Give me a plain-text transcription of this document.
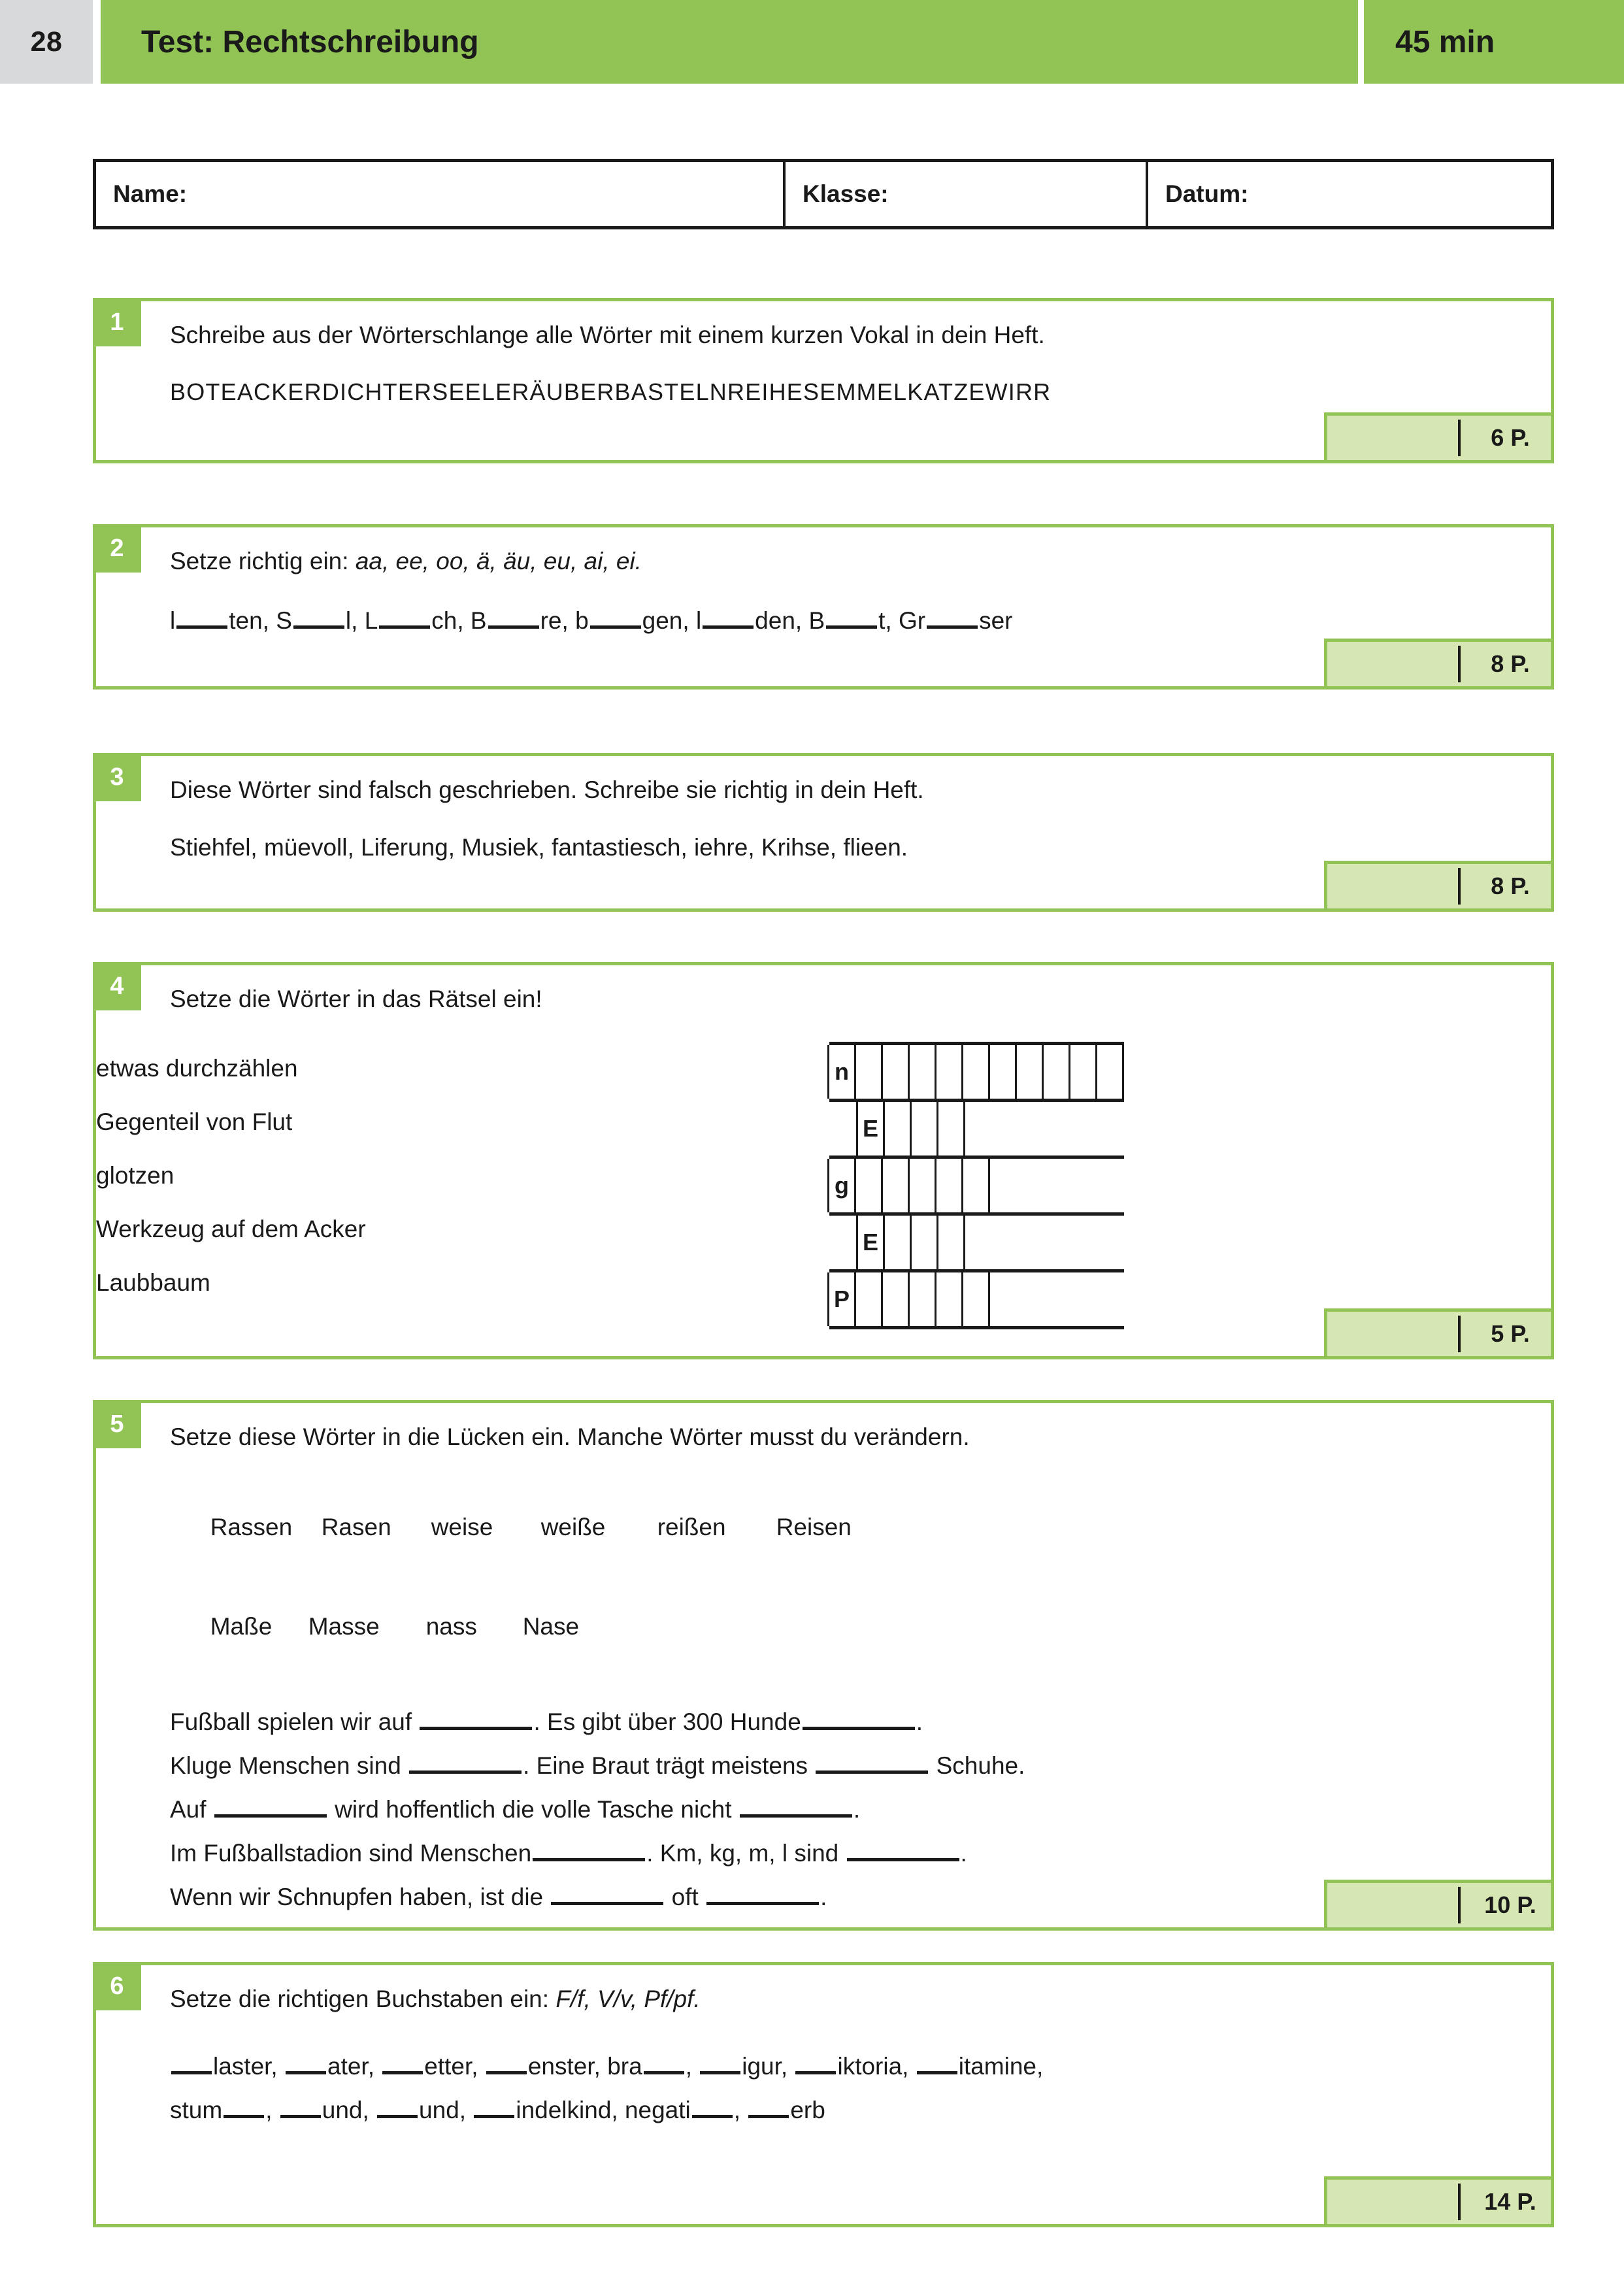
28	Test: Rechtschreibung	45 min
Name:	Klasse:	Datum:
1	Schreibe aus der Wörterschlange alle Wörter mit einem kurzen Vokal in dein Heft.
BOTEACKERDICHTERSEELERÄUBERBASTELNREIHESEMMELKATZEWIRR
6 P.
2	Setze richtig ein: aa, ee, oo, ä, äu, eu, ai, ei.
l ten, S l, L ch, B re, b gen, l den, B t, Gr ser
8 P.
3	Diese Wörter sind falsch geschrieben. Schreibe sie richtig in dein Heft.
Stiehfel, müevoll, Liferung, Musiek, fantastiesch, iehre, Krihse, flieen.
8 P.
4	Setze die Wörter in das Rätsel ein!
etwas durchzählen
Gegenteil von Flut
glotzen
Werkzeug auf dem Acker
Laubbaum
n
E
g
E
P
5 P.
5	Setze diese Wörter in die Lücken ein. Manche Wörter musst du verändern.

Rassen Rasen weise weiße reißen Reisen

Maße Masse nass Nase

Fußball spielen wir auf	. Es gibt über 300 Hunde	.
Kluge Menschen sind	. Eine Braut trägt meistens	Schuhe.
Auf	wird hoffentlich die volle Tasche nicht	.
Im Fußballstadion sind Menschen	. Km, kg, m, l sind	.
Wenn wir Schnupfen haben, ist die	oft	.	10 P.
6	Setze die richtigen Buchstaben ein: F/f, V/v, Pf/pf.
laster, ater, etter, enster, bra , igur, iktoria, itamine,
stum , und, und, indelkind, negati , erb
14 P.
